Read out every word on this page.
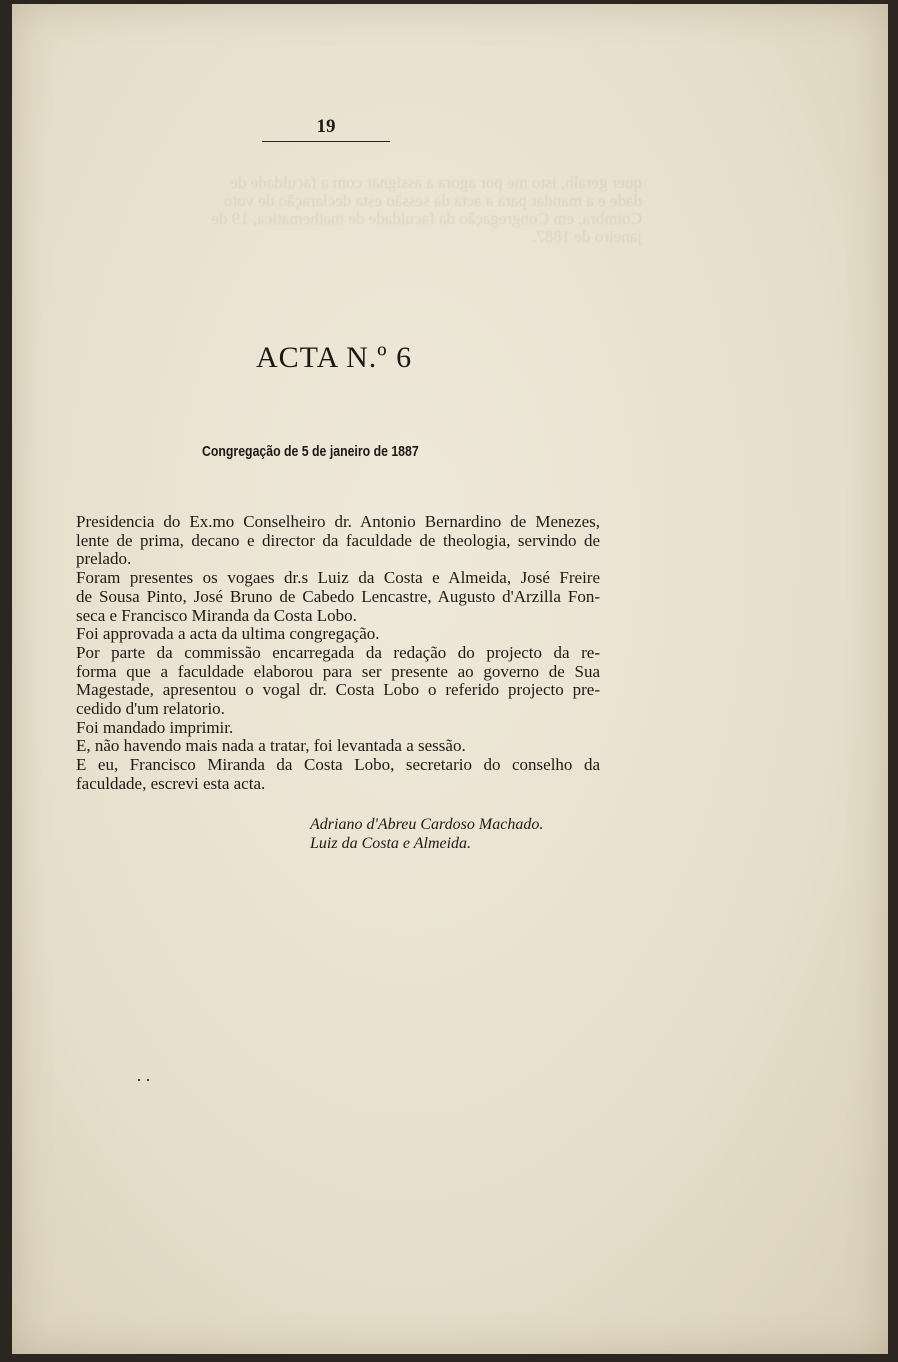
quer geralh, isto me por agora a assignar com a faculdade de
dade e a mandar para a acta da sessão esta declaração de voto
Coimbra, em Congregação da faculdade de mathematica, 19 de
janeiro de 1887.
19
ACTA N.º 6
Congregação de 5 de janeiro de 1887
Presidencia do Ex.mo Conselheiro dr. Antonio Bernardino de Menezes,
lente de prima, decano e director da faculdade de theologia, servindo de
prelado.
Foram presentes os vogaes dr.s Luiz da Costa e Almeida, José Freire
de Sousa Pinto, José Bruno de Cabedo Lencastre, Augusto d'Arzilla Fon-
seca e Francisco Miranda da Costa Lobo.
Foi approvada a acta da ultima congregação.
Por parte da commissão encarregada da redação do projecto da re-
forma que a faculdade elaborou para ser presente ao governo de Sua
Magestade, apresentou o vogal dr. Costa Lobo o referido projecto pre-
cedido d'um relatorio.
Foi mandado imprimir.
E, não havendo mais nada a tratar, foi levantada a sessão.
E eu, Francisco Miranda da Costa Lobo, secretario do conselho da
faculdade, escrevi esta acta.
Adriano d'Abreu Cardoso Machado.
Luiz da Costa e Almeida.
··
